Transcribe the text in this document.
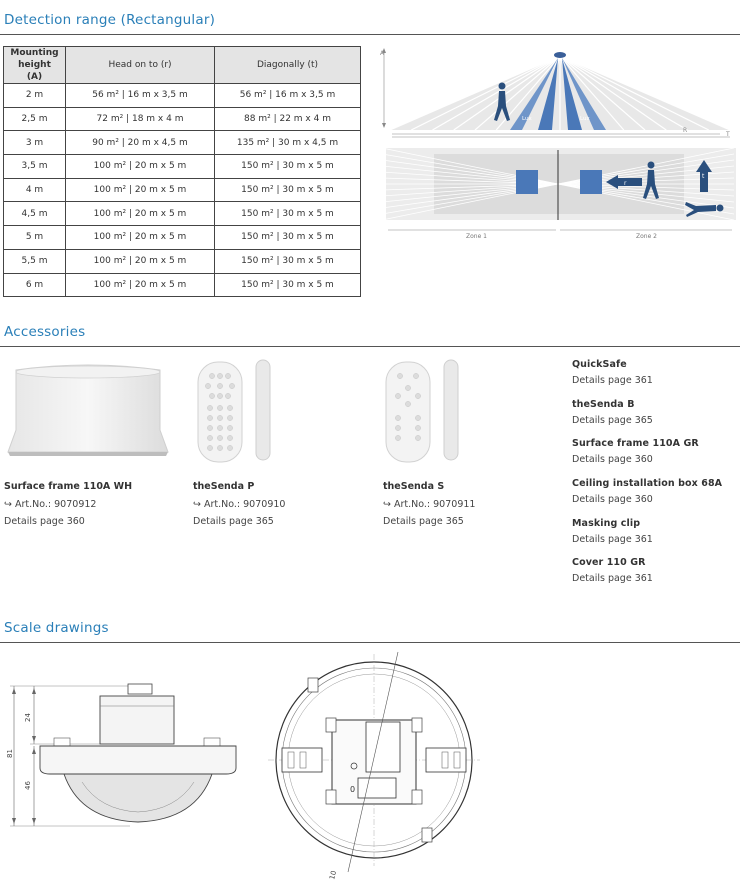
Detection range (Rectangular)
Mounting height (A)	Head on to (r)	Diagonally (t)
2 m	56 m² | 16 m x 3,5 m	56 m² | 16 m x 3,5 m
2,5 m	72 m² | 18 m x 4 m	88 m² | 22 m x 4 m
3 m	90 m² | 20 m x 4,5 m	135 m² | 30 m x 4,5 m
3,5 m	100 m² | 20 m x 5 m	150 m² | 30 m x 5 m
4 m	100 m² | 20 m x 5 m	150 m² | 30 m x 5 m
4,5 m	100 m² | 20 m x 5 m	150 m² | 30 m x 5 m
5 m	100 m² | 20 m x 5 m	150 m² | 30 m x 5 m
5,5 m	100 m² | 20 m x 5 m	150 m² | 30 m x 5 m
6 m	100 m² | 20 m x 5 m	150 m² | 30 m x 5 m
Lux	Lux
A
R
T
r
t
Zone 1	Zone 2
Accessories
Surface frame 110A WH
↪ Art.No.: 9070912
Details page 360
theSenda P
↪ Art.No.: 9070910
Details page 365
theSenda S
↪ Art.No.: 9070911
Details page 365
QuickSafe
Details page 361
theSenda B
Details page 365
Surface frame 110A GR
Details page 360
Ceiling installation box 68A
Details page 360
Masking clip
Details page 361
Cover 110 GR
Details page 361
Scale drawings
81
24
46	0
10
